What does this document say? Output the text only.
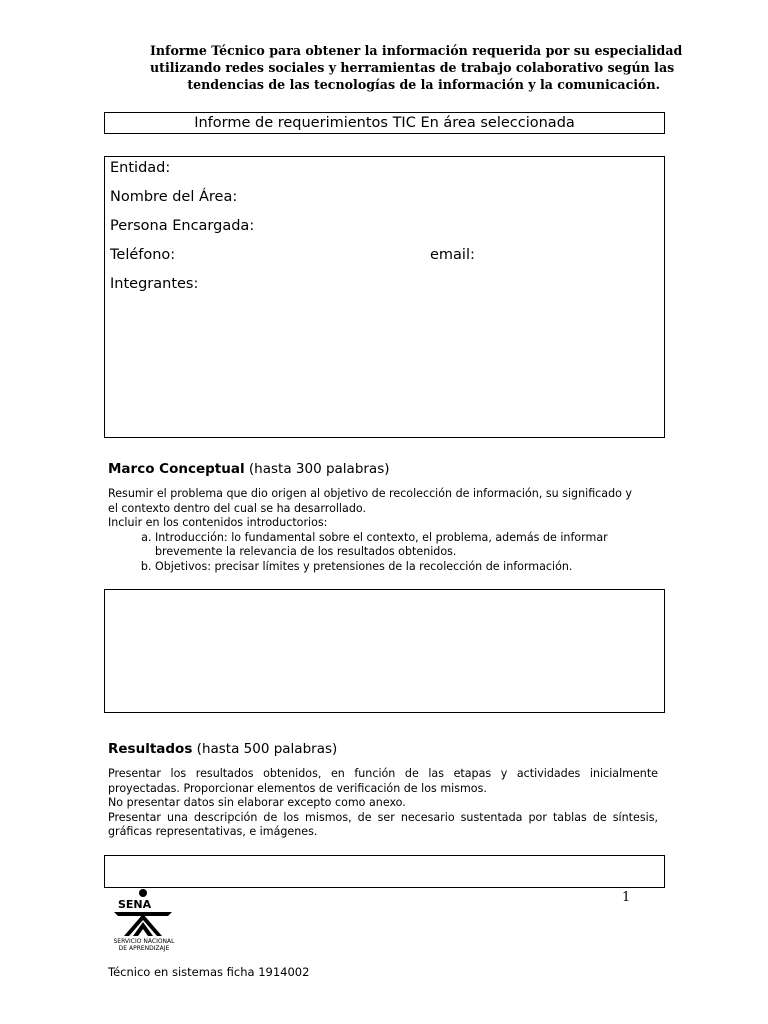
Informe Técnico para obtener la información requerida por su especialidad
utilizando redes sociales y herramientas de trabajo colaborativo según las
tendencias de las tecnologías de la información y la comunicación.
Informe de requerimientos TIC En área seleccionada
Entidad:
Nombre del Área:
Persona Encargada:
Teléfono:	email:
Integrantes:
Marco Conceptual (hasta 300 palabras)

Resumir el problema que dio origen al objetivo de recolección de información, su significado y

el contexto dentro del cual se ha desarrollado.

Incluir en los contenidos introductorios:

a. Introducción: lo fundamental sobre el contexto, el problema, además de informar brevemente la relevancia de los resultados obtenidos.
b. Objetivos: precisar límites y pretensiones de la recolección de información.
Resultados (hasta 500 palabras)

Presentar los resultados obtenidos, en función de las etapas y actividades inicialmente proyectadas. Proporcionar elementos de verificación de los mismos.

No presentar datos sin elaborar excepto como anexo.

Presentar una descripción de los mismos, de ser necesario sustentada por tablas de síntesis, gráficas representativas, e imágenes.

1
SENA
SERVICIO NACIONAL
DE APRENDIZAJE
Técnico en sistemas ficha 1914002
